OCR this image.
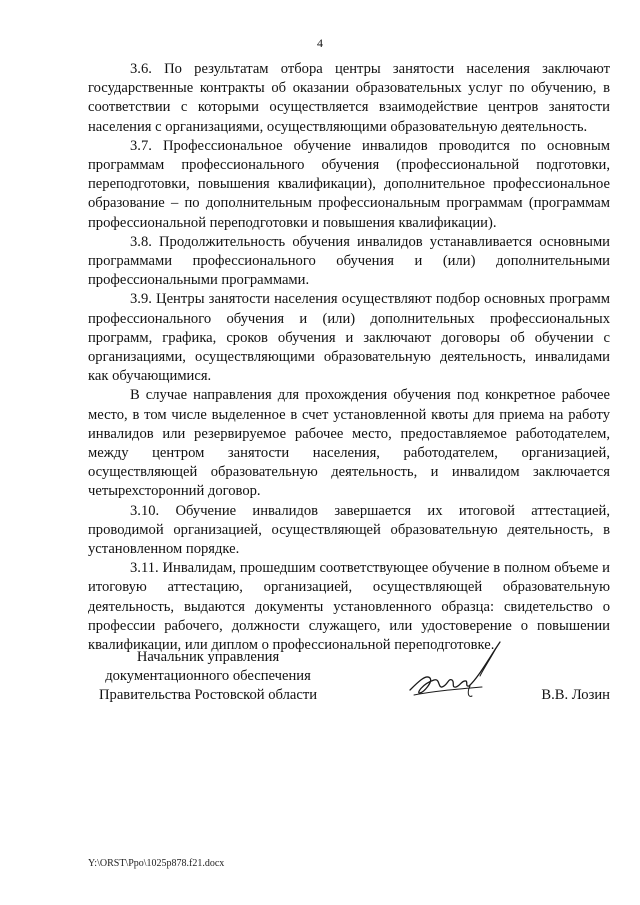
4

3.6. По результатам отбора центры занятости населения заключают государственные контракты об оказании образовательных услуг по обучению, в соответствии с которыми осуществляется взаимодействие центров занятости населения с организациями, осуществляющими образовательную деятельность.

3.7. Профессиональное обучение инвалидов проводится по основным программам профессионального обучения (профессиональной подготовки, переподготовки, повышения квалификации), дополнительное профессиональное образование – по дополнительным профессиональным программам (программам профессиональной переподготовки и повышения квалификации).

3.8. Продолжительность обучения инвалидов устанавливается основными программами профессионального обучения и (или) дополнительными профессиональными программами.

3.9. Центры занятости населения осуществляют подбор основных программ профессионального обучения и (или) дополнительных профессиональных программ, графика, сроков обучения и заключают договоры об обучении с организациями, осуществляющими образовательную деятельность, инвалидами как обучающимися.

В случае направления для прохождения обучения под конкретное рабочее место, в том числе выделенное в счет установленной квоты для приема на работу инвалидов или резервируемое рабочее место, предоставляемое работодателем, между центром занятости населения, работодателем, организацией, осуществляющей образовательную деятельность, и инвалидом заключается четырехсторонний договор.

3.10. Обучение инвалидов завершается их итоговой аттестацией, проводимой организацией, осуществляющей образовательную деятельность, в установленном порядке.

3.11. Инвалидам, прошедшим соответствующее обучение в полном объеме и итоговую аттестацию, организацией, осуществляющей образовательную деятельность, выдаются документы установленного образца: свидетельство о профессии рабочего, должности служащего, или удостоверение о повышении квалификации, или диплом о профессиональной переподготовке.

Начальник управления
документационного обеспечения
Правительства Ростовской области	В.В. Лозин
Y:\ORST\Ppo\1025p878.f21.docx
